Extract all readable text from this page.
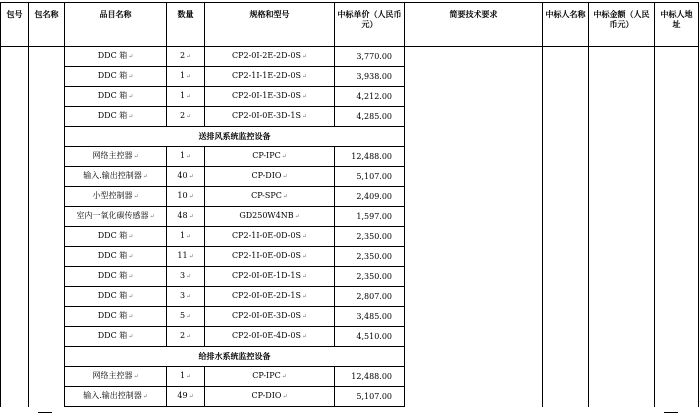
包号	包名称	品目名称	数量	规格和型号	中标单价（人民币元）	简要技术要求	中标人名称	中标金额（人民币元）	中标人地址
		DDC 箱↵	2↵	CP2-0I-2E-2D-0S↵	3,770.00				
		DDC 箱↵	1↵	CP2-1I-1E-2D-0S↵	3,938.00				
		DDC 箱↵	1↵	CP2-0I-1E-3D-0S↵	4,212.00				
		DDC 箱↵	2↵	CP2-0I-0E-3D-1S↵	4,285.00				
		送排风系统监控设备							
		网络主控器↵	1↵	CP-IPC↵	12,488.00				
		输入.输出控制器↵	40↵	CP-DIO↵	5,107.00				
		小型控制器↵	10↵	CP-SPC↵	2,409.00				
		室内一氧化碳传感器↵	48↵	GD250W4NB↵	1,597.00				
		DDC 箱↵	1↵	CP2-1I-0E-0D-0S↵	2,350.00				
		DDC 箱↵	11↵	CP2-1I-0E-0D-0S↵	2,350.00				
		DDC 箱↵	3↵	CP2-0I-0E-1D-1S↵	2,350.00				
		DDC 箱↵	3↵	CP2-0I-0E-2D-1S↵	2,807.00				
		DDC 箱↵	5↵	CP2-0I-0E-3D-0S↵	3,485.00				
		DDC 箱↵	2↵	CP2-0I-0E-4D-0S↵	4,510.00				
		给排水系统监控设备							
		网络主控器↵	1↵	CP-IPC↵	12,488.00				
		输入.输出控制器↵	49↵	CP-DIO↵	5,107.00				
